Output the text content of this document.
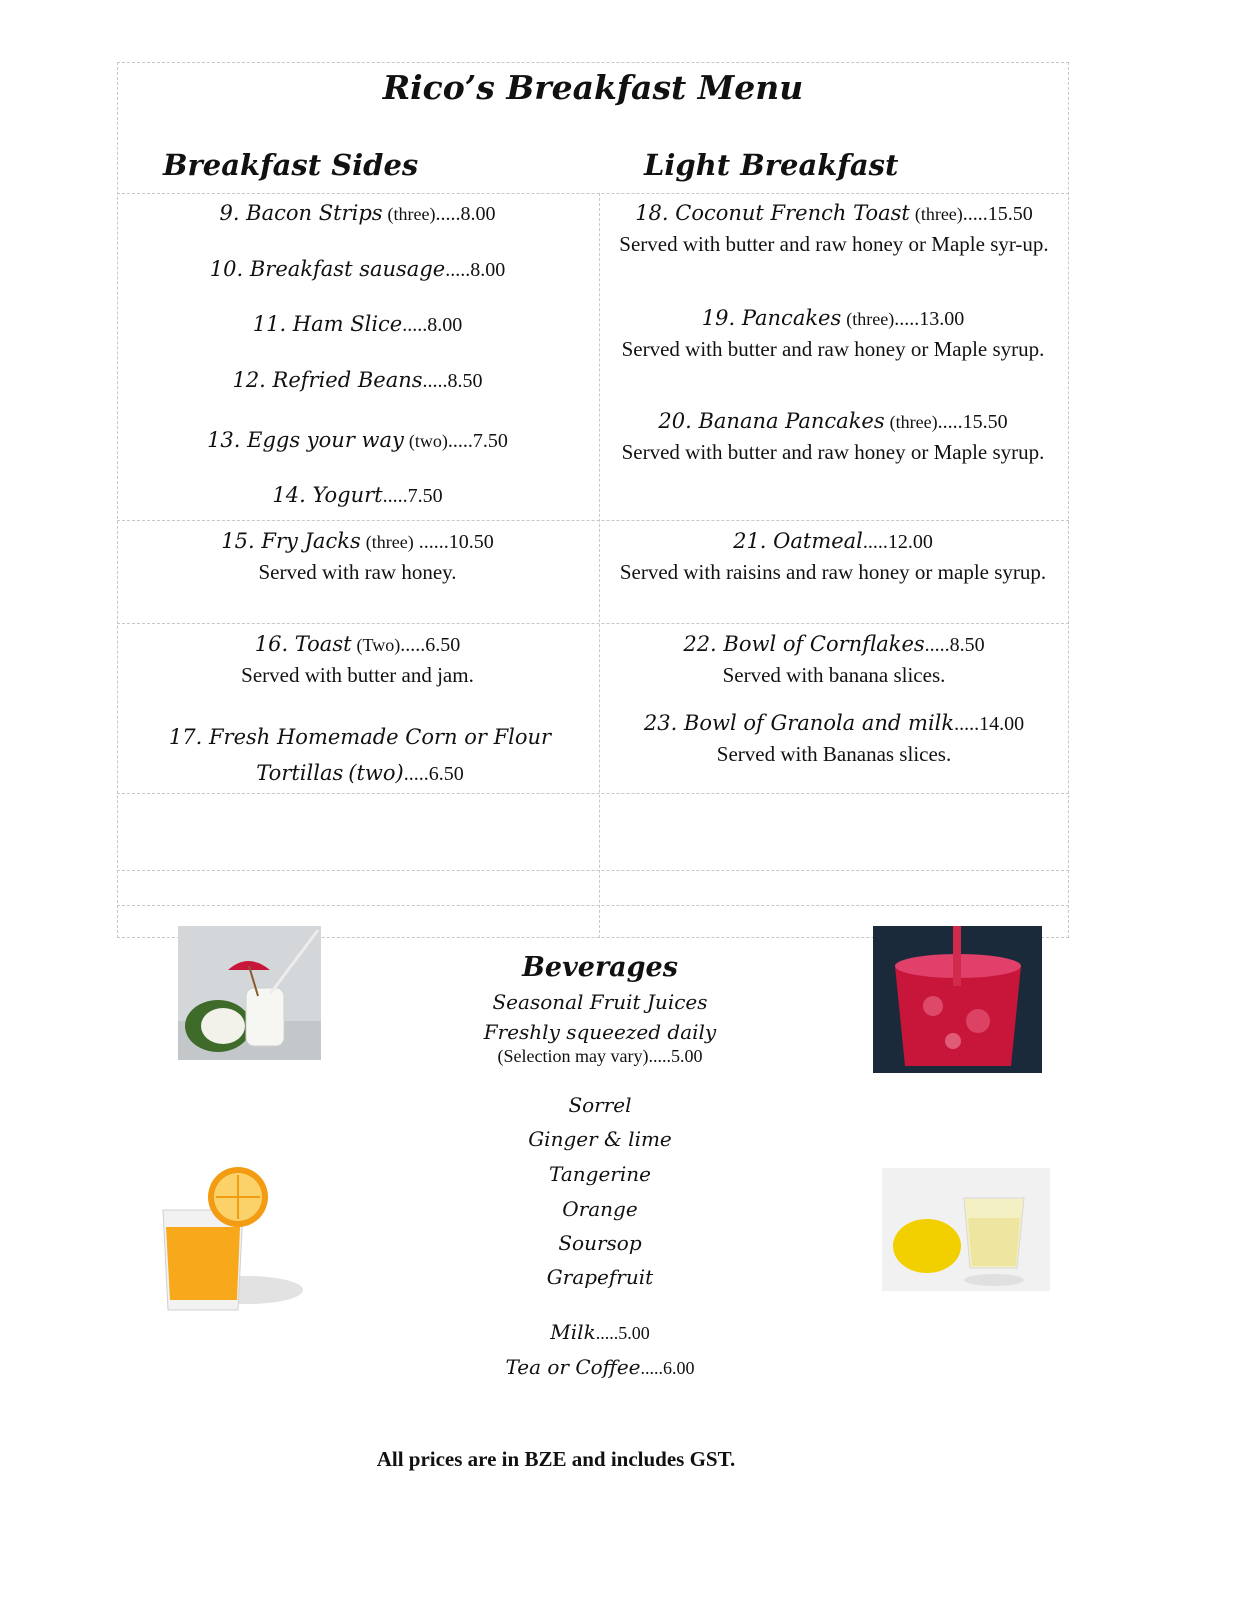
Rico’s Breakfast Menu
Breakfast Sides	Light Breakfast
9. Bacon Strips (three).....8.00
10. Breakfast sausage.....8.00
11. Ham Slice.....8.00
12. Refried Beans.....8.50
13. Eggs your way (two).....7.50
14. Yogurt.....7.50
15. Fry Jacks (three) ......10.50
Served with raw honey.
16. Toast (Two).....6.50
Served with butter and jam.
17. Fresh Homemade Corn or Flour Tortillas (two).....6.50
18. Coconut French Toast (three).....15.50
Served with butter and raw honey or Maple syr-up.
19. Pancakes (three).....13.00
Served with butter and raw honey or Maple syrup.
20. Banana Pancakes (three).....15.50
Served with butter and raw honey or Maple syrup.
21. Oatmeal.....12.00
Served with raisins and raw honey or maple syrup.
22. Bowl of Cornflakes.....8.50
Served with banana slices.
23. Bowl of Granola and milk.....14.00
Served with Bananas slices.
Beverages
Seasonal Fruit Juices
Freshly squeezed daily
(Selection may vary).....5.00
Sorrel
Ginger & lime
Tangerine
Orange
Soursop
Grapefruit
Milk.....5.00
Tea or Coffee.....6.00
All prices are in BZE and includes GST.
